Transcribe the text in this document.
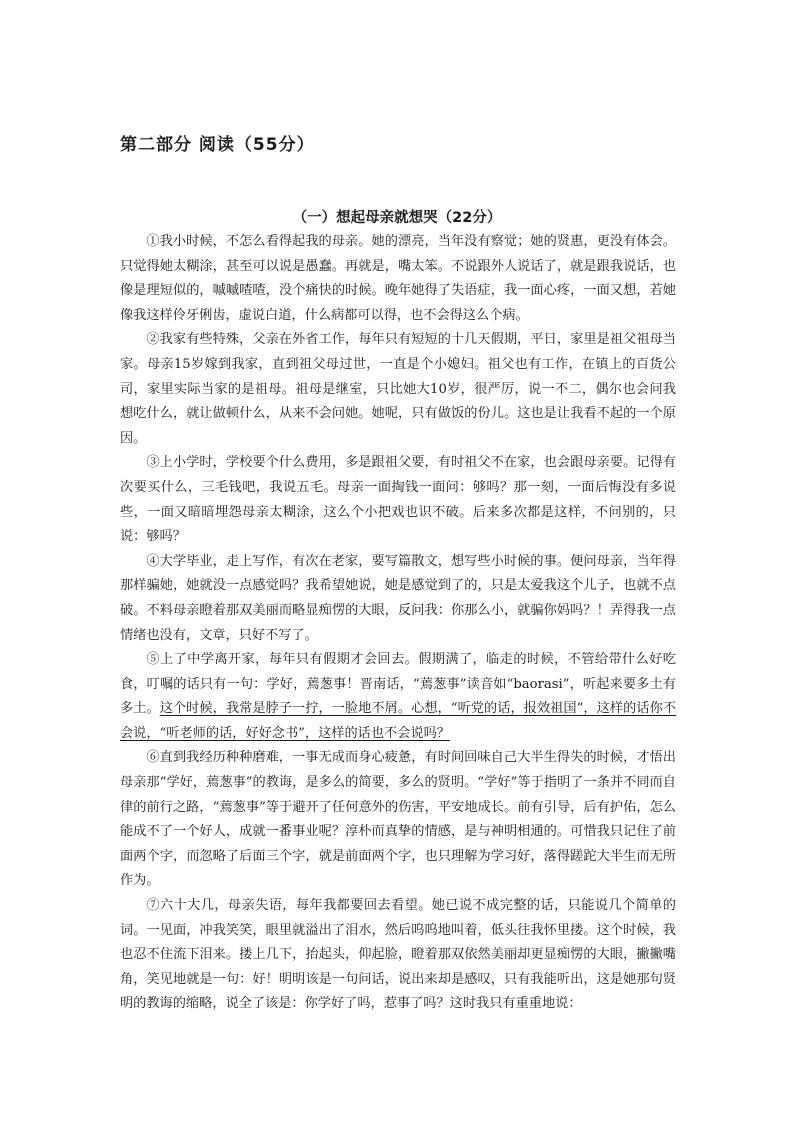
第二部分 阅读（55分）
（一）想起母亲就想哭（22分）

①我小时候，不怎么看得起我的母亲。她的漂亮，当年没有察觉；她的贤惠，更没有体会。只觉得她太糊涂，甚至可以说是愚蠢。再就是，嘴太笨。不说跟外人说话了，就是跟我说话，也像是理短似的，嘁嘁喳喳，没个痛快的时候。晚年她得了失语症，我一面心疼，一面又想，若她像我这样伶牙俐齿，虚说白道，什么病都可以得，也不会得这么个病。

②我家有些特殊，父亲在外省工作，每年只有短短的十几天假期，平日，家里是祖父祖母当家。母亲15岁嫁到我家，直到祖父母过世，一直是个小媳妇。祖父也有工作，在镇上的百货公司，家里实际当家的是祖母。祖母是继室，只比她大10岁，很严厉，说一不二，偶尔也会问我想吃什么，就让做顿什么，从来不会问她。她呢，只有做饭的份儿。这也是让我看不起的一个原因。

③上小学时，学校要个什么费用，多是跟祖父要，有时祖父不在家，也会跟母亲要。记得有次要买什么，三毛钱吧，我说五毛。母亲一面掏钱一面问：够吗？那一刻，一面后悔没有多说些，一面又暗暗埋怨母亲太糊涂，这么个小把戏也识不破。后来多次都是这样，不问别的，只说：够吗？

④大学毕业，走上写作，有次在老家，要写篇散文，想写些小时候的事。便问母亲，当年得那样骗她，她就没一点感觉吗？我希望她说，她是感觉到了的，只是太爱我这个儿子，也就不点破。不料母亲瞪着那双美丽而略显痴愣的大眼，反问我：你那么小，就骗你妈吗？！弄得我一点情绪也没有，文章，只好不写了。

⑤上了中学离开家，每年只有假期才会回去。假期满了，临走的时候，不管给带什么好吃食，叮嘱的话只有一句：学好，蔫葱事！晋南话，“蔫葱事”读音如“baorasi”，听起来要多土有多土。这个时候，我常是脖子一拧，一脸地不屑。心想，“听党的话，报效祖国”，这样的话你不会说，“听老师的话，好好念书”，这样的话也不会说吗？

⑥直到我经历种种磨难，一事无成而身心疲惫，有时间回味自己大半生得失的时候，才悟出母亲那“学好，蔫葱事”的教诲，是多么的简要，多么的贤明。“学好”等于指明了一条并不同而自律的前行之路，“蔫葱事”等于避开了任何意外的伤害，平安地成长。前有引导，后有护佑，怎么能成不了一个好人，成就一番事业呢？淳朴而真挚的情感，是与神明相通的。可惜我只记住了前面两个字，而忽略了后面三个字，就是前面两个字，也只理解为学习好，落得蹉跎大半生而无所作为。

⑦六十大几，母亲失语，每年我都要回去看望。她已说不成完整的话，只能说几个简单的词。一见面，冲我笑笑，眼里就溢出了泪水，然后呜呜地叫着，低头往我怀里搂。这个时候，我也忍不住流下泪来。搂上几下，抬起头，仰起脸，瞪着那双依然美丽却更显痴愣的大眼，撇撇嘴角，笑见地就是一句：好！明明该是一句问话，说出来却是感叹，只有我能听出，这是她那句贤明的教诲的缩略，说全了该是：你学好了吗，惹事了吗？这时我只有重重地说：
